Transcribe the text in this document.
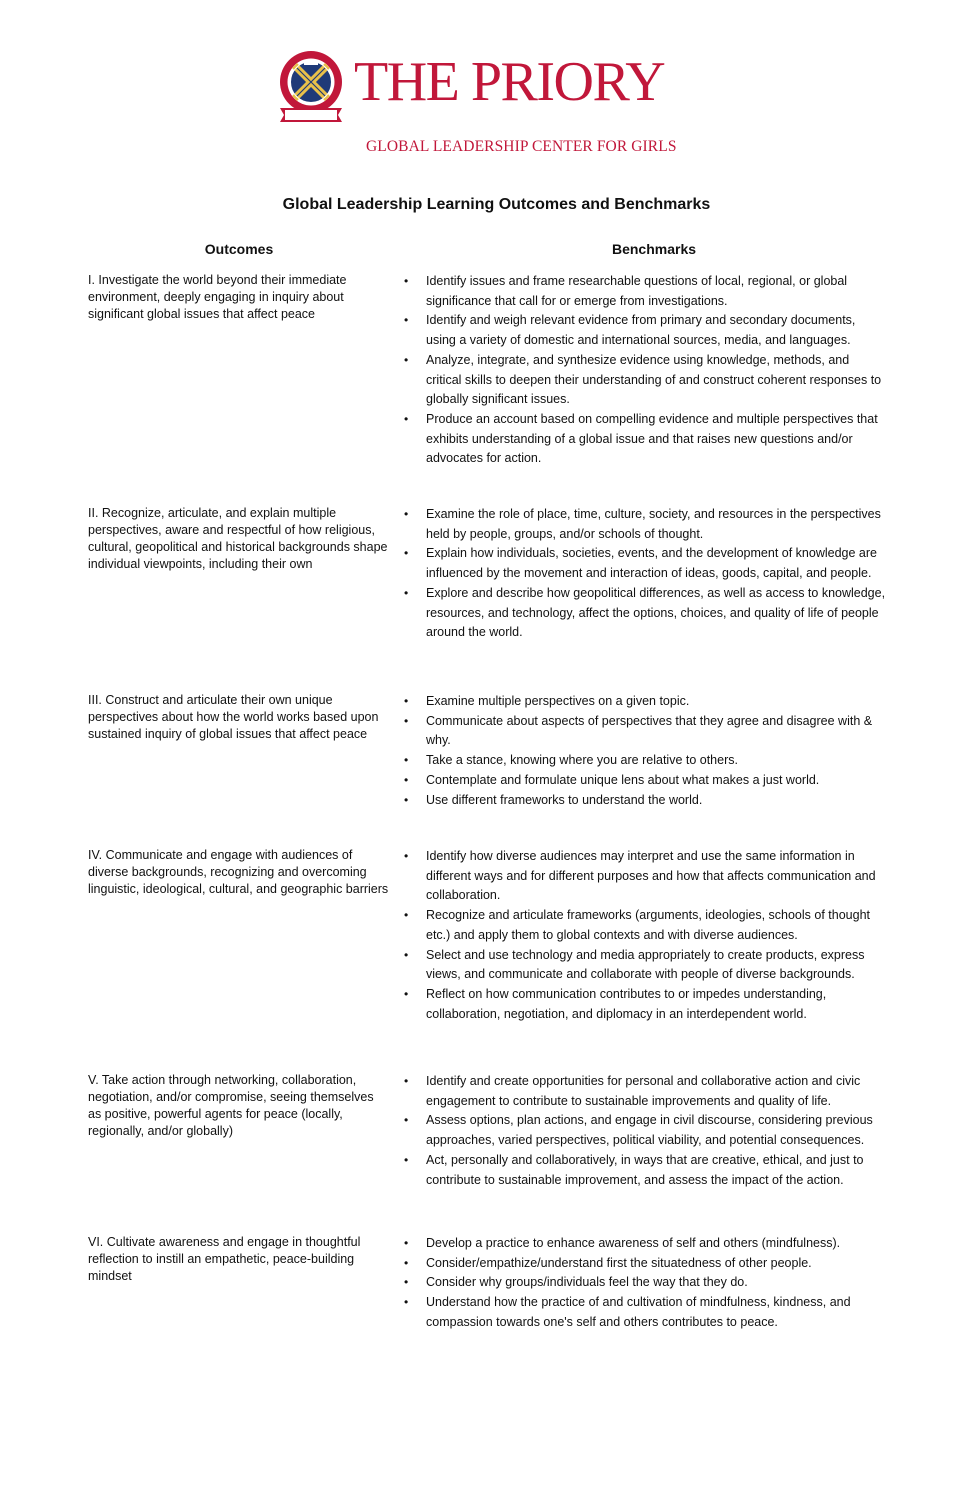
THE PRIORY
GLOBAL LEADERSHIP CENTER FOR GIRLS
Global Leadership Learning Outcomes and Benchmarks
Outcomes	Benchmarks
I. Investigate the world beyond their immediate environment, deeply engaging in inquiry about significant global issues that affect peace
•	Identify issues and frame researchable questions of local, regional, or global significance that call for or emerge from investigations.
•	Identify and weigh relevant evidence from primary and secondary documents, using a variety of domestic and international sources, media, and languages.
•	Analyze, integrate, and synthesize evidence using knowledge, methods, and critical skills to deepen their understanding of and construct coherent responses to globally significant issues.
•	Produce an account based on compelling evidence and multiple perspectives that exhibits understanding of a global issue and that raises new questions and/or advocates for action.
II. Recognize, articulate, and explain multiple perspectives, aware and respectful of how religious, cultural, geopolitical and historical backgrounds shape individual viewpoints, including their own
•	Examine the role of place, time, culture, society, and resources in the perspectives held by people, groups, and/or schools of thought.
•	Explain how individuals, societies, events, and the development of knowledge are influenced by the movement and interaction of ideas, goods, capital, and people.
•	Explore and describe how geopolitical differences, as well as access to knowledge, resources, and technology, affect the options, choices, and quality of life of people around the world.
III. Construct and articulate their own unique perspectives about how the world works based upon sustained inquiry of global issues that affect peace
•	Examine multiple perspectives on a given topic.
•	Communicate about aspects of perspectives that they agree and disagree with & why.
•	Take a stance, knowing where you are relative to others.
•	Contemplate and formulate unique lens about what makes a just world.
•	Use different frameworks to understand the world.
IV. Communicate and engage with audiences of diverse backgrounds, recognizing and overcoming linguistic, ideological, cultural, and geographic barriers
•	Identify how diverse audiences may interpret and use the same information in different ways and for different purposes and how that affects communication and collaboration.
•	Recognize and articulate frameworks (arguments, ideologies, schools of thought etc.) and apply them to global contexts and with diverse audiences.
•	Select and use technology and media appropriately to create products, express views, and communicate and collaborate with people of diverse backgrounds.
•	Reflect on how communication contributes to or impedes understanding, collaboration, negotiation, and diplomacy in an interdependent world.
V. Take action through networking, collaboration, negotiation, and/or compromise, seeing themselves as positive, powerful agents for peace (locally, regionally, and/or globally)
•	Identify and create opportunities for personal and collaborative action and civic engagement to contribute to sustainable improvements and quality of life.
•	Assess options, plan actions, and engage in civil discourse, considering previous approaches, varied perspectives, political viability, and potential consequences.
•	Act, personally and collaboratively, in ways that are creative, ethical, and just to contribute to sustainable improvement, and assess the impact of the action.
VI. Cultivate awareness and engage in thoughtful reflection to instill an empathetic, peace-building mindset
•	Develop a practice to enhance awareness of self and others (mindfulness).
•	Consider/empathize/understand first the situatedness of other people.
•	Consider why groups/individuals feel the way that they do.
•	Understand how the practice of and cultivation of mindfulness, kindness, and compassion towards one's self and others contributes to peace.
